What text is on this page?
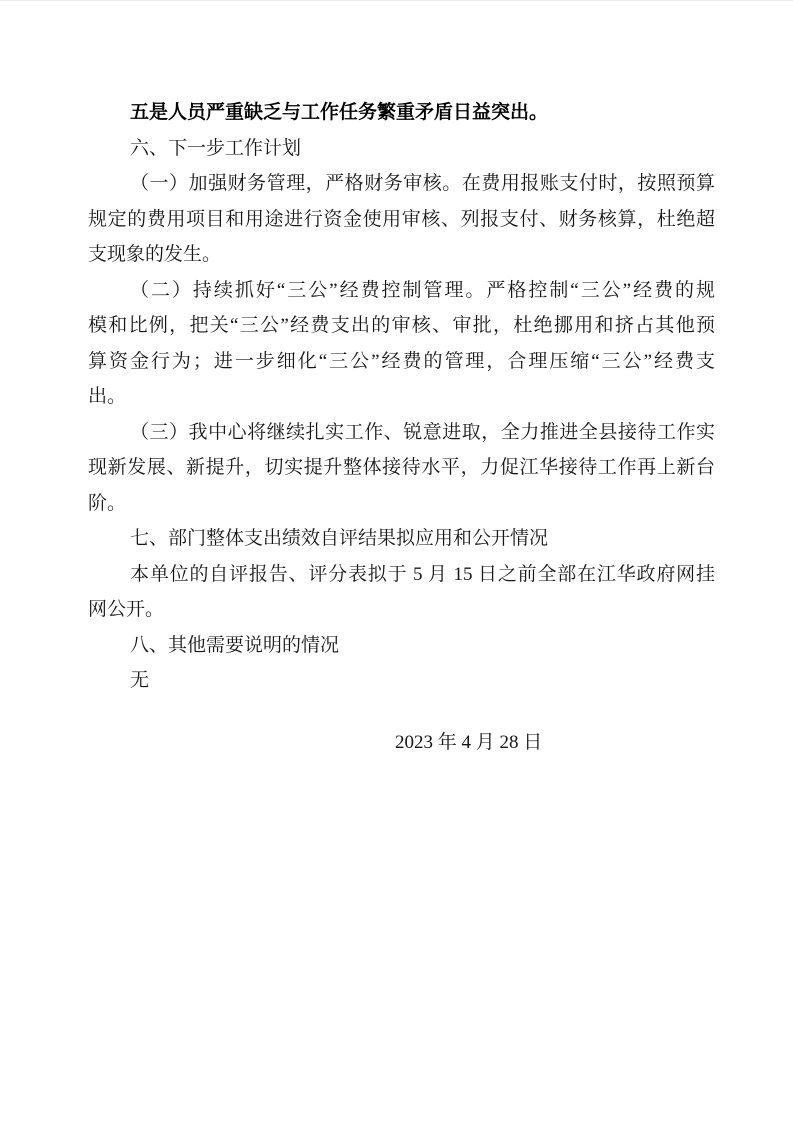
五是人员严重缺乏与工作任务繁重矛盾日益突出。

六、下一步工作计划

（一）加强财务管理，严格财务审核。在费用报账支付时，按照预算

规定的费用项目和用途进行资金使用审核、列报支付、财务核算，杜绝超

支现象的发生。

（二）持续抓好“三公”经费控制管理。严格控制“三公”经费的规

模和比例，把关“三公”经费支出的审核、审批，杜绝挪用和挤占其他预

算资金行为；进一步细化“三公”经费的管理，合理压缩“三公”经费支

出。

（三）我中心将继续扎实工作、锐意进取，全力推进全县接待工作实

现新发展、新提升，切实提升整体接待水平，力促江华接待工作再上新台

阶。

七、部门整体支出绩效自评结果拟应用和公开情况

本单位的自评报告、评分表拟于 5 月 15 日之前全部在江华政府网挂

网公开。

八、其他需要说明的情况

无

2023 年 4 月 28 日
